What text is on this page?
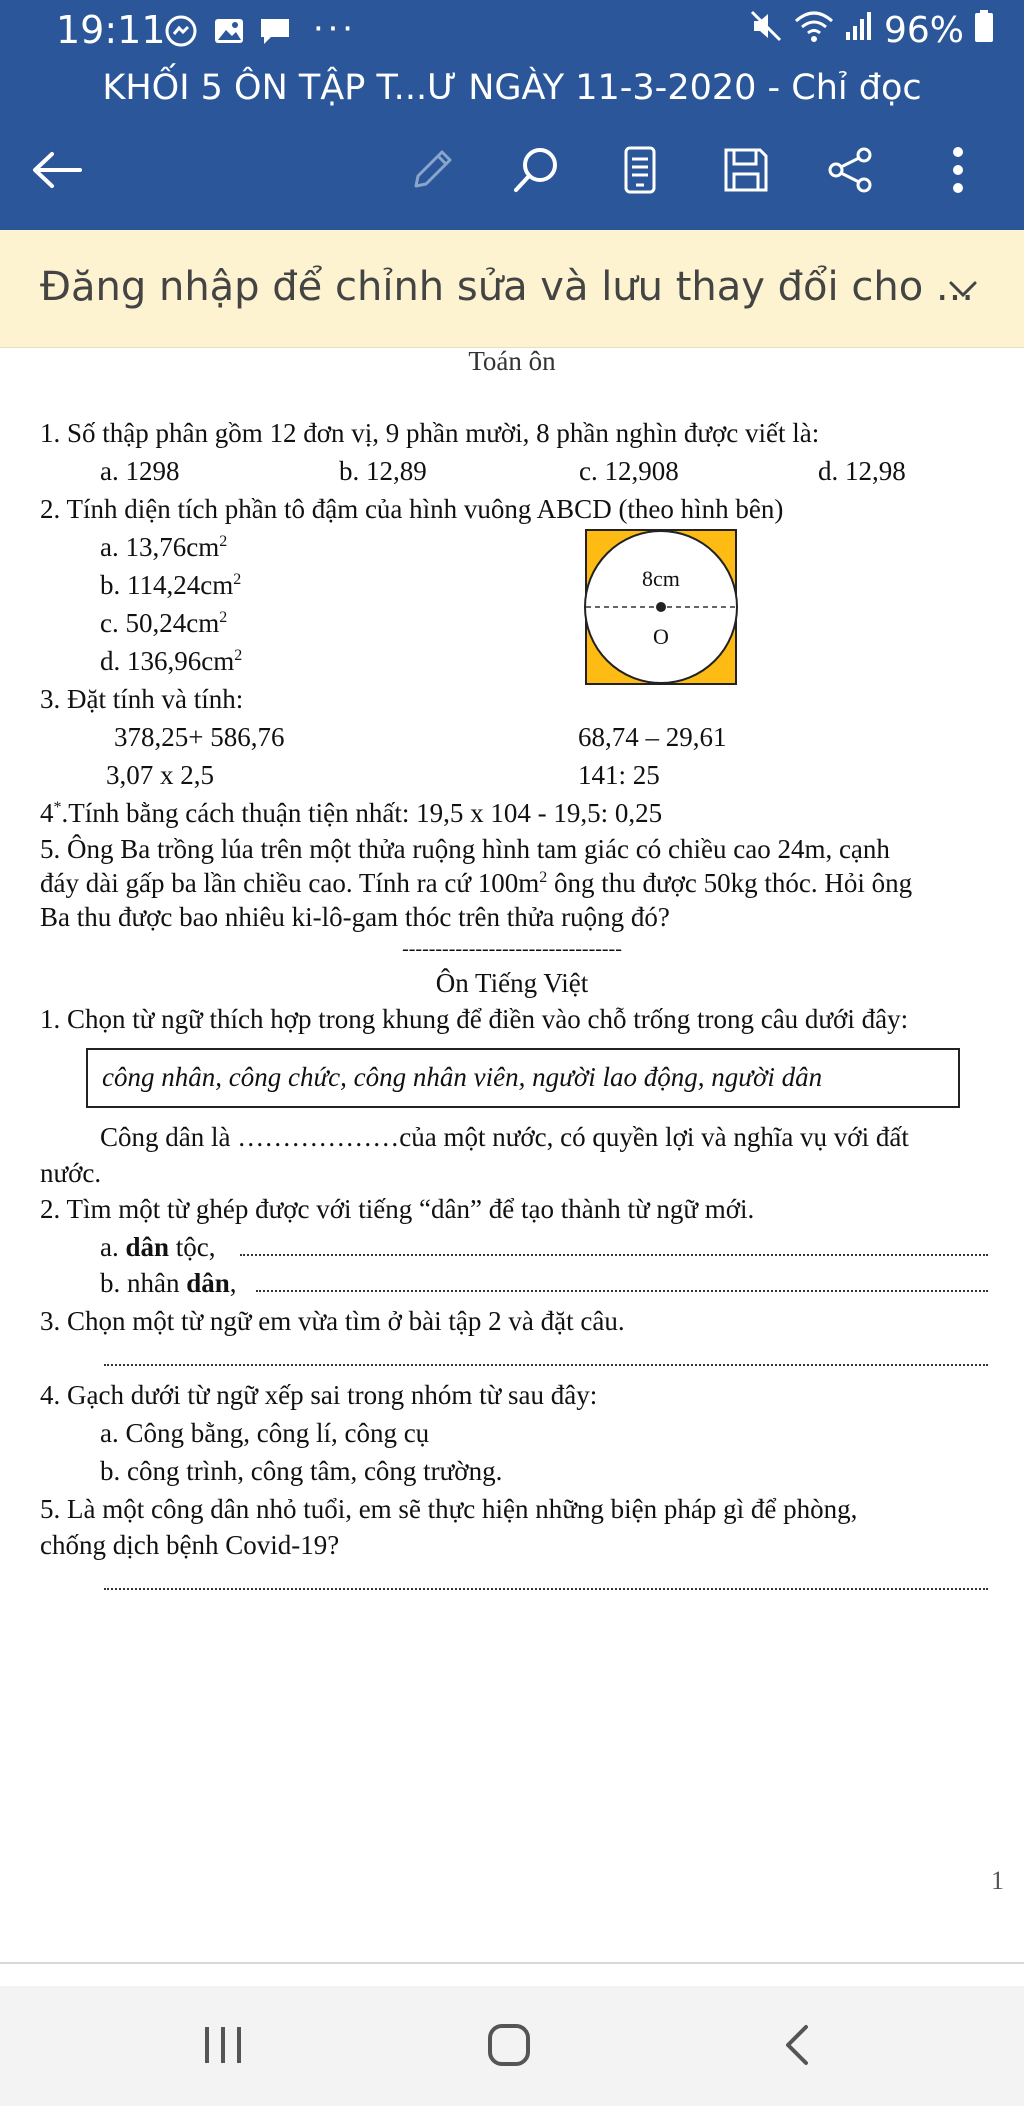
19:11	···	96%
KHỐI 5 ÔN TẬP T...Ư NGÀY 11-3-2020 - Chỉ đọc
Đăng nhập để chỉnh sửa và lưu thay đổi cho ...
Toán ôn
1. Số thập phân gồm 12 đơn vị, 9 phần mười, 8 phần nghìn được viết là:
a. 1298	b. 12,89	c. 12,908	d. 12,98
2. Tính diện tích phần tô đậm của hình vuông ABCD (theo hình bên)
a. $13,76cm^2$
b. $114,24cm^2$
c. $50,24cm^2$
d. $136,96cm^2$
8cm
O
3. Đặt tính và tính:
378,25+ 586,76	68,74 – 29,61
3,07 x 2,5	141: 25
4*.Tính bằng cách thuận tiện nhất: 19,5 x 104 - 19,5: 0,25
5. Ông Ba trồng lúa trên một thửa ruộng hình tam giác có chiều cao 24m, cạnh
đáy dài gấp ba lần chiều cao. Tính ra cứ $100m^2$ ông thu được 50kg thóc. Hỏi ông
Ba thu được bao nhiêu ki-lô-gam thóc trên thửa ruộng đó?
---------------------------------
Ôn Tiếng Việt
1. Chọn từ ngữ thích hợp trong khung để điền vào chỗ trống trong câu dưới đây:
công nhân, công chức, công nhân viên, người lao động, người dân
Công dân là ………………của một nước, có quyền lợi và nghĩa vụ với đất
nước.
2. Tìm một từ ghép được với tiếng “dân” để tạo thành từ ngữ mới.
a. dân tộc,
b. nhân dân,
3. Chọn một từ ngữ em vừa tìm ở bài tập 2 và đặt câu.
4. Gạch dưới từ ngữ xếp sai trong nhóm từ sau đây:
a. Công bằng, công lí, công cụ
b. công trình, công tâm, công trường.
5. Là một công dân nhỏ tuổi, em sẽ thực hiện những biện pháp gì để phòng,
chống dịch bệnh Covid-19?
1
